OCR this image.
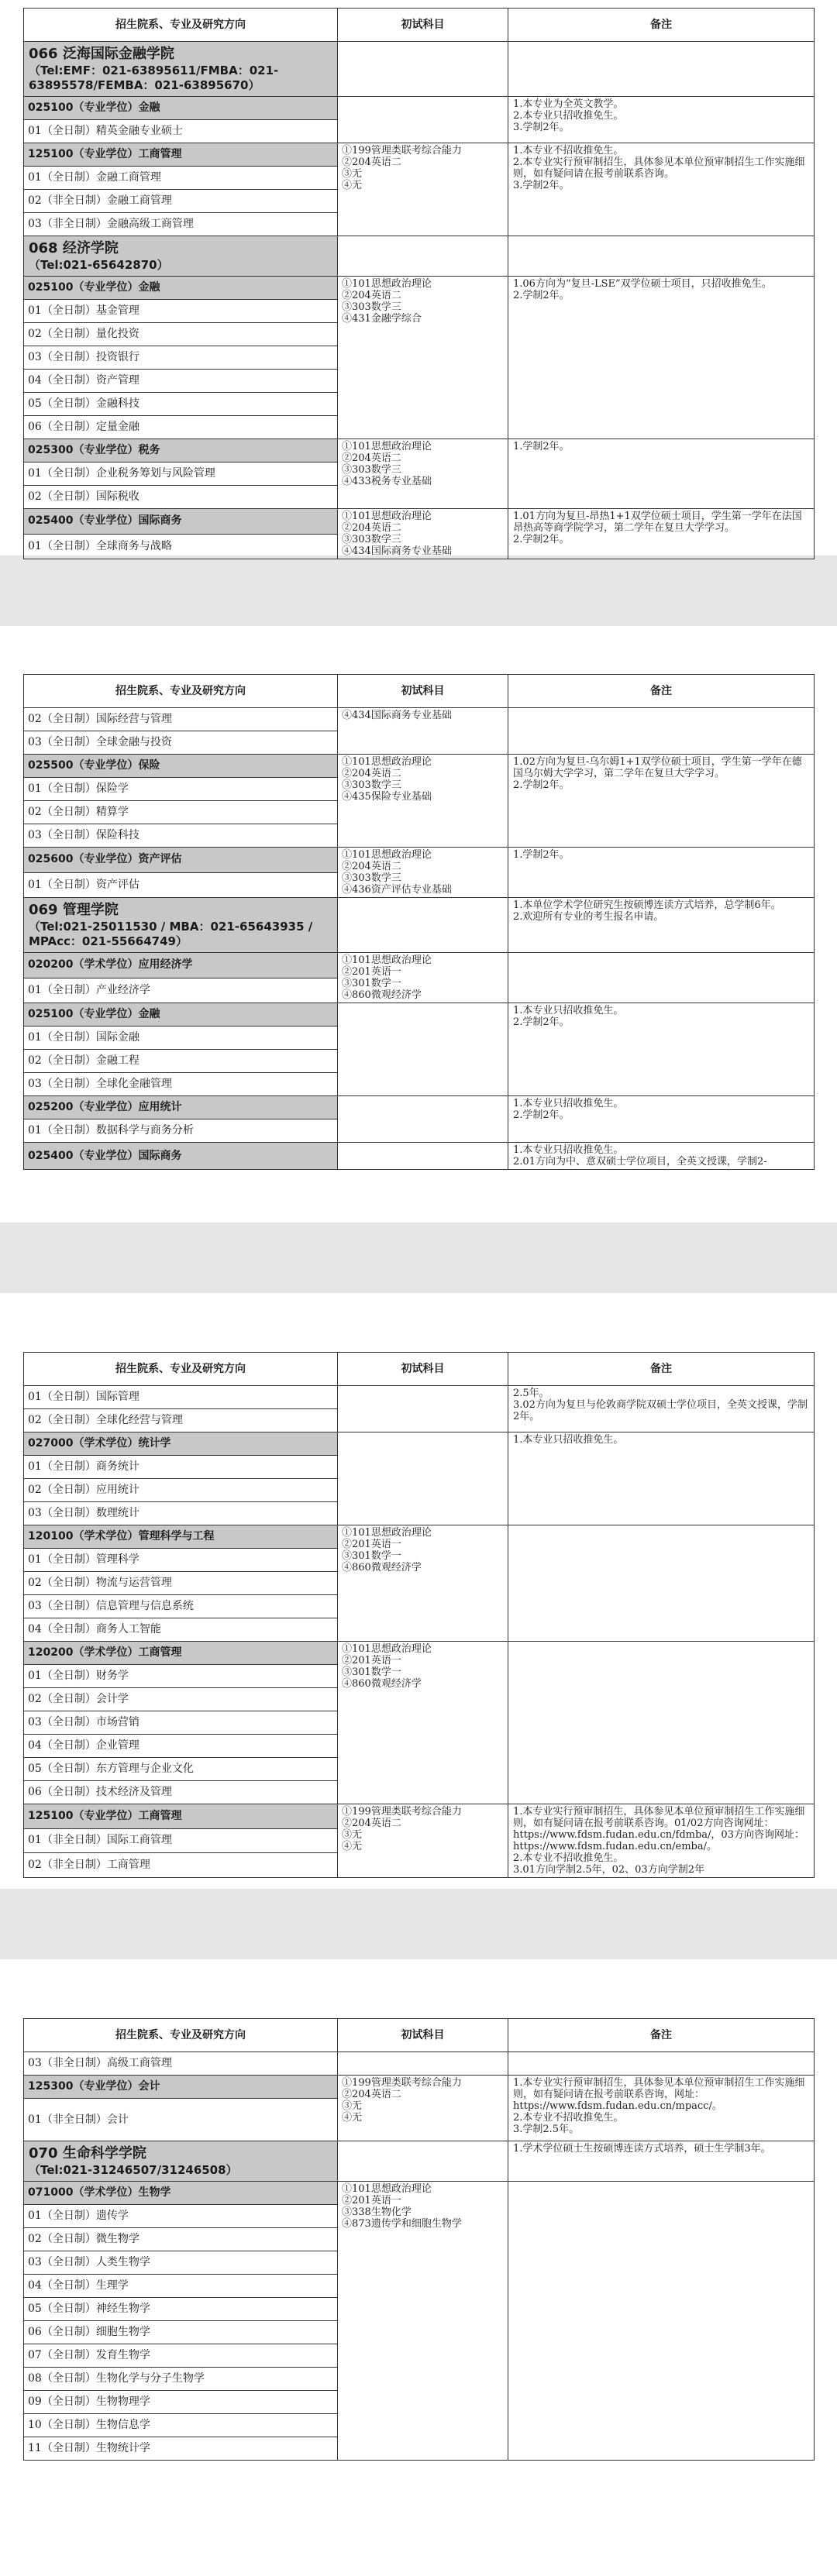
招生院系、专业及研究方向	初试科目	备注

066 泛海国际金融学院
（Tel:EMF：021-63895611/FMBA：021-63895578/FEMBA：021-63895670）		
025100（专业学位）金融		1.本专业为全英文教学。
2.本专业只招收推免生。
3.学制2年。
01（全日制）精英金融专业硕士		
125100（专业学位）工商管理	①199管理类联考综合能力
②204英语二
③无
④无	1.本专业不招收推免生。
2.本专业实行预审制招生，具体参见本单位预审制招生工作实施细则，如有疑问请在报考前联系咨询。
3.学制2年。
01（全日制）金融工商管理		
02（非全日制）金融工商管理		
03（非全日制）金融高级工商管理		

068 经济学院
（Tel:021-65642870）		
025100（专业学位）金融	①101思想政治理论
②204英语二
③303数学三
④431金融学综合	1.06方向为“复旦-LSE”双学位硕士项目，只招收推免生。
2.学制2年。
01（全日制）基金管理		
02（全日制）量化投资		
03（全日制）投资银行		
04（全日制）资产管理		
05（全日制）金融科技		
06（全日制）定量金融		
025300（专业学位）税务	①101思想政治理论
②204英语二
③303数学三
④433税务专业基础	1.学制2年。
01（全日制）企业税务筹划与风险管理		
02（全日制）国际税收		
025400（专业学位）国际商务	①101思想政治理论
②204英语二
③303数学三
④434国际商务专业基础	1.01方向为复旦-昂热1+1双学位硕士项目，学生第一学年在法国昂热高等商学院学习，第二学年在复旦大学学习。
2.学制2年。
01（全日制）全球商务与战略		
招生院系、专业及研究方向	初试科目	备注
02（全日制）国际经营与管理	④434国际商务专业基础	
03（全日制）全球金融与投资		
025500（专业学位）保险	①101思想政治理论
②204英语二
③303数学三
④435保险专业基础	1.02方向为复旦-乌尔姆1+1双学位硕士项目，学生第一学年在德国乌尔姆大学学习，第二学年在复旦大学学习。
2.学制2年。
01（全日制）保险学		
02（全日制）精算学		
03（全日制）保险科技		
025600（专业学位）资产评估	①101思想政治理论
②204英语二
③303数学三
④436资产评估专业基础	1.学制2年。
01（全日制）资产评估		

069 管理学院
（Tel:021-25011530 / MBA：021-65643935 / MPAcc：021-55664749）		1.本单位学术学位研究生按硕博连读方式培养，总学制6年。
2.欢迎所有专业的考生报名申请。
020200（学术学位）应用经济学	①101思想政治理论
②201英语一
③301数学一
④860微观经济学	
01（全日制）产业经济学		
025100（专业学位）金融		1.本专业只招收推免生。
2.学制2年。
01（全日制）国际金融		
02（全日制）金融工程		
03（全日制）全球化金融管理		
025200（专业学位）应用统计		1.本专业只招收推免生。
2.学制2年。
01（全日制）数据科学与商务分析		
025400（专业学位）国际商务		1.本专业只招收推免生。
2.01方向为中、意双硕士学位项目，全英文授课，学制2-
招生院系、专业及研究方向	初试科目	备注
01（全日制）国际管理		2.5年。
3.02方向为复旦与伦敦商学院双硕士学位项目，全英文授课，学制2年。
02（全日制）全球化经营与管理		
027000（学术学位）统计学		1.本专业只招收推免生。
01（全日制）商务统计		
02（全日制）应用统计		
03（全日制）数理统计		
120100（学术学位）管理科学与工程	①101思想政治理论
②201英语一
③301数学一
④860微观经济学	
01（全日制）管理科学		
02（全日制）物流与运营管理		
03（全日制）信息管理与信息系统		
04（全日制）商务人工智能		
120200（学术学位）工商管理	①101思想政治理论
②201英语一
③301数学一
④860微观经济学	
01（全日制）财务学		
02（全日制）会计学		
03（全日制）市场营销		
04（全日制）企业管理		
05（全日制）东方管理与企业文化		
06（全日制）技术经济及管理		
125100（专业学位）工商管理	①199管理类联考综合能力
②204英语二
③无
④无	1.本专业实行预审制招生，具体参见本单位预审制招生工作实施细则，如有疑问请在报考前联系咨询。01/02方向咨询网址：https://www.fdsm.fudan.edu.cn/fdmba/，03方向咨询网址：https://www.fdsm.fudan.edu.cn/emba/。
2.本专业不招收推免生。
3.01方向学制2.5年，02、03方向学制2年
01（非全日制）国际工商管理		
02（非全日制）工商管理		
招生院系、专业及研究方向	初试科目	备注
03（非全日制）高级工商管理		
125300（专业学位）会计	①199管理类联考综合能力
②204英语二
③无
④无	1.本专业实行预审制招生，具体参见本单位预审制招生工作实施细则，如有疑问请在报考前联系咨询，网址：https://www.fdsm.fudan.edu.cn/mpacc/。
2.本专业不招收推免生。
3.学制2.5年。
01（非全日制）会计		

070 生命科学学院
（Tel:021-31246507/31246508）		1.学术学位硕士生按硕博连读方式培养，硕士生学制3年。
071000（学术学位）生物学	①101思想政治理论
②201英语一
③338生物化学
④873遗传学和细胞生物学	
01（全日制）遗传学		
02（全日制）微生物学		
03（全日制）人类生物学		
04（全日制）生理学		
05（全日制）神经生物学		
06（全日制）细胞生物学		
07（全日制）发育生物学		
08（全日制）生物化学与分子生物学		
09（全日制）生物物理学		
10（全日制）生物信息学		
11（全日制）生物统计学		
